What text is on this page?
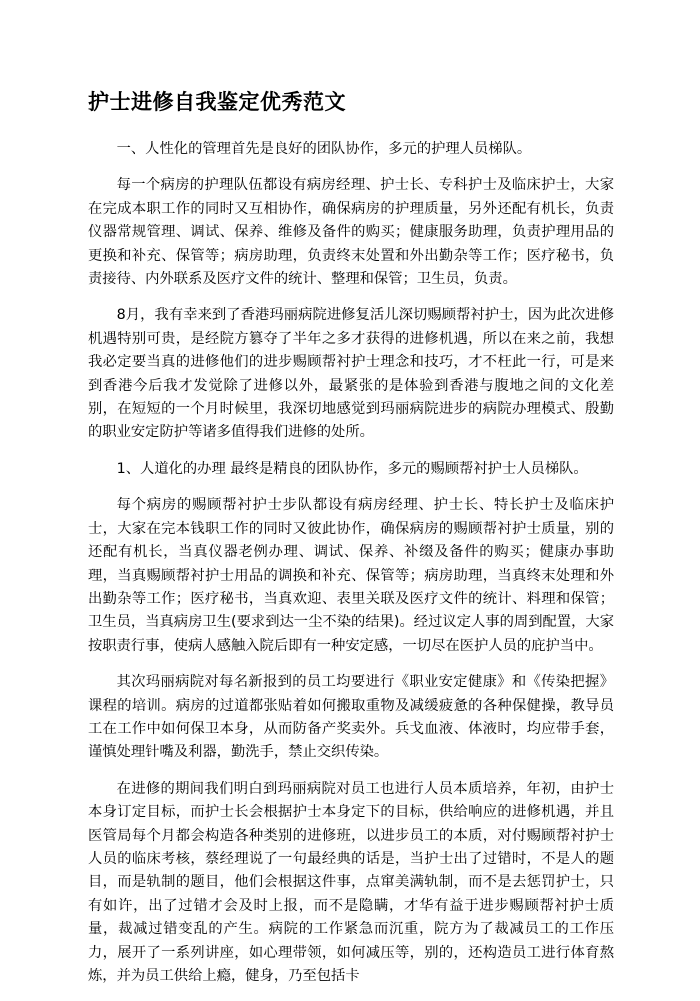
护士进修自我鉴定优秀范文

一、人性化的管理首先是良好的团队协作，多元的护理人员梯队。

每一个病房的护理队伍都设有病房经理、护士长、专科护士及临床护士，大家在完成本职工作的同时又互相协作，确保病房的护理质量，另外还配有机长，负责仪器常规管理、调试、保养、维修及备件的购买；健康服务助理，负责护理用品的更换和补充、保管等；病房助理，负责终末处置和外出勤杂等工作；医疗秘书，负责接待、内外联系及医疗文件的统计、整理和保管；卫生员，负责。

8月，我有幸来到了香港玛丽病院进修复活儿深切赐顾帮衬护士，因为此次进修机遇特别可贵，是经院方篡夺了半年之多才获得的进修机遇，所以在来之前，我想我必定要当真的进修他们的进步赐顾帮衬护士理念和技巧，才不枉此一行，可是来到香港今后我才发觉除了进修以外，最紧张的是体验到香港与腹地之间的文化差别，在短短的一个月时候里，我深切地感觉到玛丽病院进步的病院办理模式、殷勤的职业安定防护等诸多值得我们进修的处所。

1、人道化的办理 最终是精良的团队协作，多元的赐顾帮衬护士人员梯队。

每个病房的赐顾帮衬护士步队都设有病房经理、护士长、特长护士及临床护士，大家在完本钱职工作的同时又彼此协作，确保病房的赐顾帮衬护士质量，别的还配有机长，当真仪器老例办理、调试、保养、补缀及备件的购买；健康办事助理，当真赐顾帮衬护士用品的调换和补充、保管等；病房助理，当真终末处理和外出勤杂等工作；医疗秘书，当真欢迎、表里关联及医疗文件的统计、料理和保管；卫生员，当真病房卫生(要求到达一尘不染的结果)。经过议定人事的周到配置，大家按职责行事，使病人感触入院后即有一种安定感，一切尽在医护人员的庇护当中。

其次玛丽病院对每名新报到的员工均要进行《职业安定健康》和《传染把握》课程的培训。病房的过道都张贴着如何搬取重物及减缓疲惫的各种保健操，教导员工在工作中如何保卫本身，从而防备产奖卖外。兵戈血液、体液时，均应带手套，谨慎处理针嘴及利器，勤洗手，禁止交织传染。

在进修的期间我们明白到玛丽病院对员工也进行人员本质培养，年初，由护士本身订定目标，而护士长会根据护士本身定下的目标，供给响应的进修机遇，并且医管局每个月都会构造各种类别的进修班，以进步员工的本质，对付赐顾帮衬护士人员的临床考核，蔡经理说了一句最经典的话是，当护士出了过错时，不是人的题目，而是轨制的题目，他们会根据这件事，点窜美满轨制，而不是去惩罚护士，只有如许，出了过错才会及时上报，而不是隐瞒，才华有益于进步赐顾帮衬护士质量，裁减过错变乱的产生。病院的工作紧急而沉重，院方为了裁减员工的工作压力，展开了一系列讲座，如心理带领，如何减压等，别的，还构造员工进行体育熬炼，并为员工供给上瘾，健身，乃至包括卡
